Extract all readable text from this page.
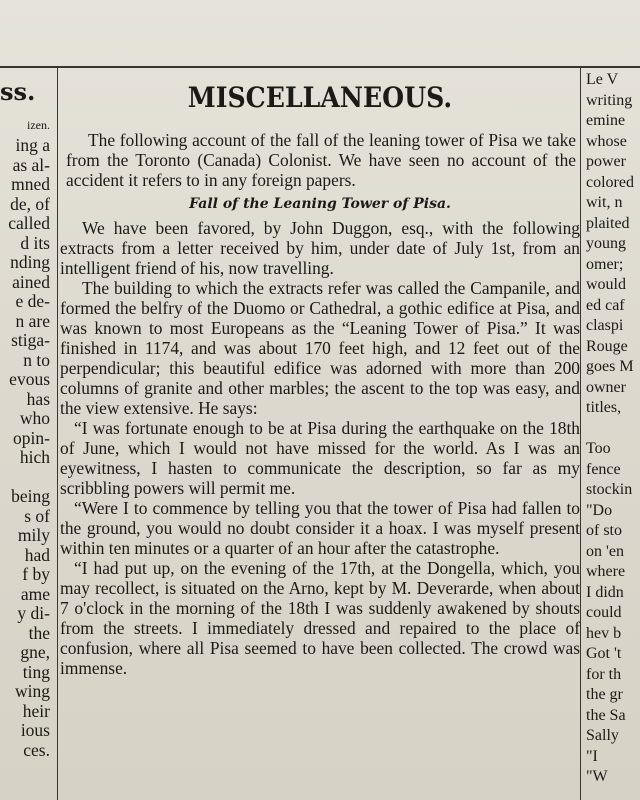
ss.
izen.
ing a
as al-
mned
de, of
called
d its
nding
ained
e de-
n are
stiga-
n to
evous
has
who
opin-
hich

being
s of
mily
had
f by
ame
y di-
the
gne,
ting
wing
heir
ious
ces.
MISCELLANEOUS.

The following account of the fall of the leaning tower of Pisa we take from the Toronto (Canada) Colonist. We have seen no account of the accident it refers to in any foreign papers.

Fall of the Leaning Tower of Pisa.

We have been favored, by John Duggon, esq., with the following extracts from a letter received by him, under date of July 1st, from an intelligent friend of his, now travelling.

The building to which the extracts refer was called the Campanile, and formed the belfry of the Duomo or Cathedral, a gothic edifice at Pisa, and was known to most Europeans as the “Leaning Tower of Pisa.” It was finished in 1174, and was about 170 feet high, and 12 feet out of the perpendicular; this beautiful edifice was adorned with more than 200 columns of granite and other marbles; the ascent to the top was easy, and the view extensive. He says:

“I was fortunate enough to be at Pisa during the earthquake on the 18th of June, which I would not have missed for the world. As I was an eyewitness, I hasten to communicate the description, so far as my scribbling powers will permit me.

“Were I to commence by telling you that the tower of Pisa had fallen to the ground, you would no doubt consider it a hoax. I was myself present within ten minutes or a quarter of an hour after the catastrophe.

“I had put up, on the evening of the 17th, at the Dongella, which, you may recollect, is situated on the Arno, kept by M. Deverarde, when about 7 o'clock in the morning of the 18th I was suddenly awakened by shouts from the streets. I immediately dressed and repaired to the place of confusion, where all Pisa seemed to have been collected. The crowd was immense.

Le V
writing
emine
whose
power
colored
wit, n
plaited
young
omer;
would
ed caf
claspi
Rouge
goes M
owner
titles,

Too
fence
stockin
"Do
of sto
on 'en
where
I didn
could
hev b
Got 't
for th
the gr
the Sa
Sally
"I
"W
